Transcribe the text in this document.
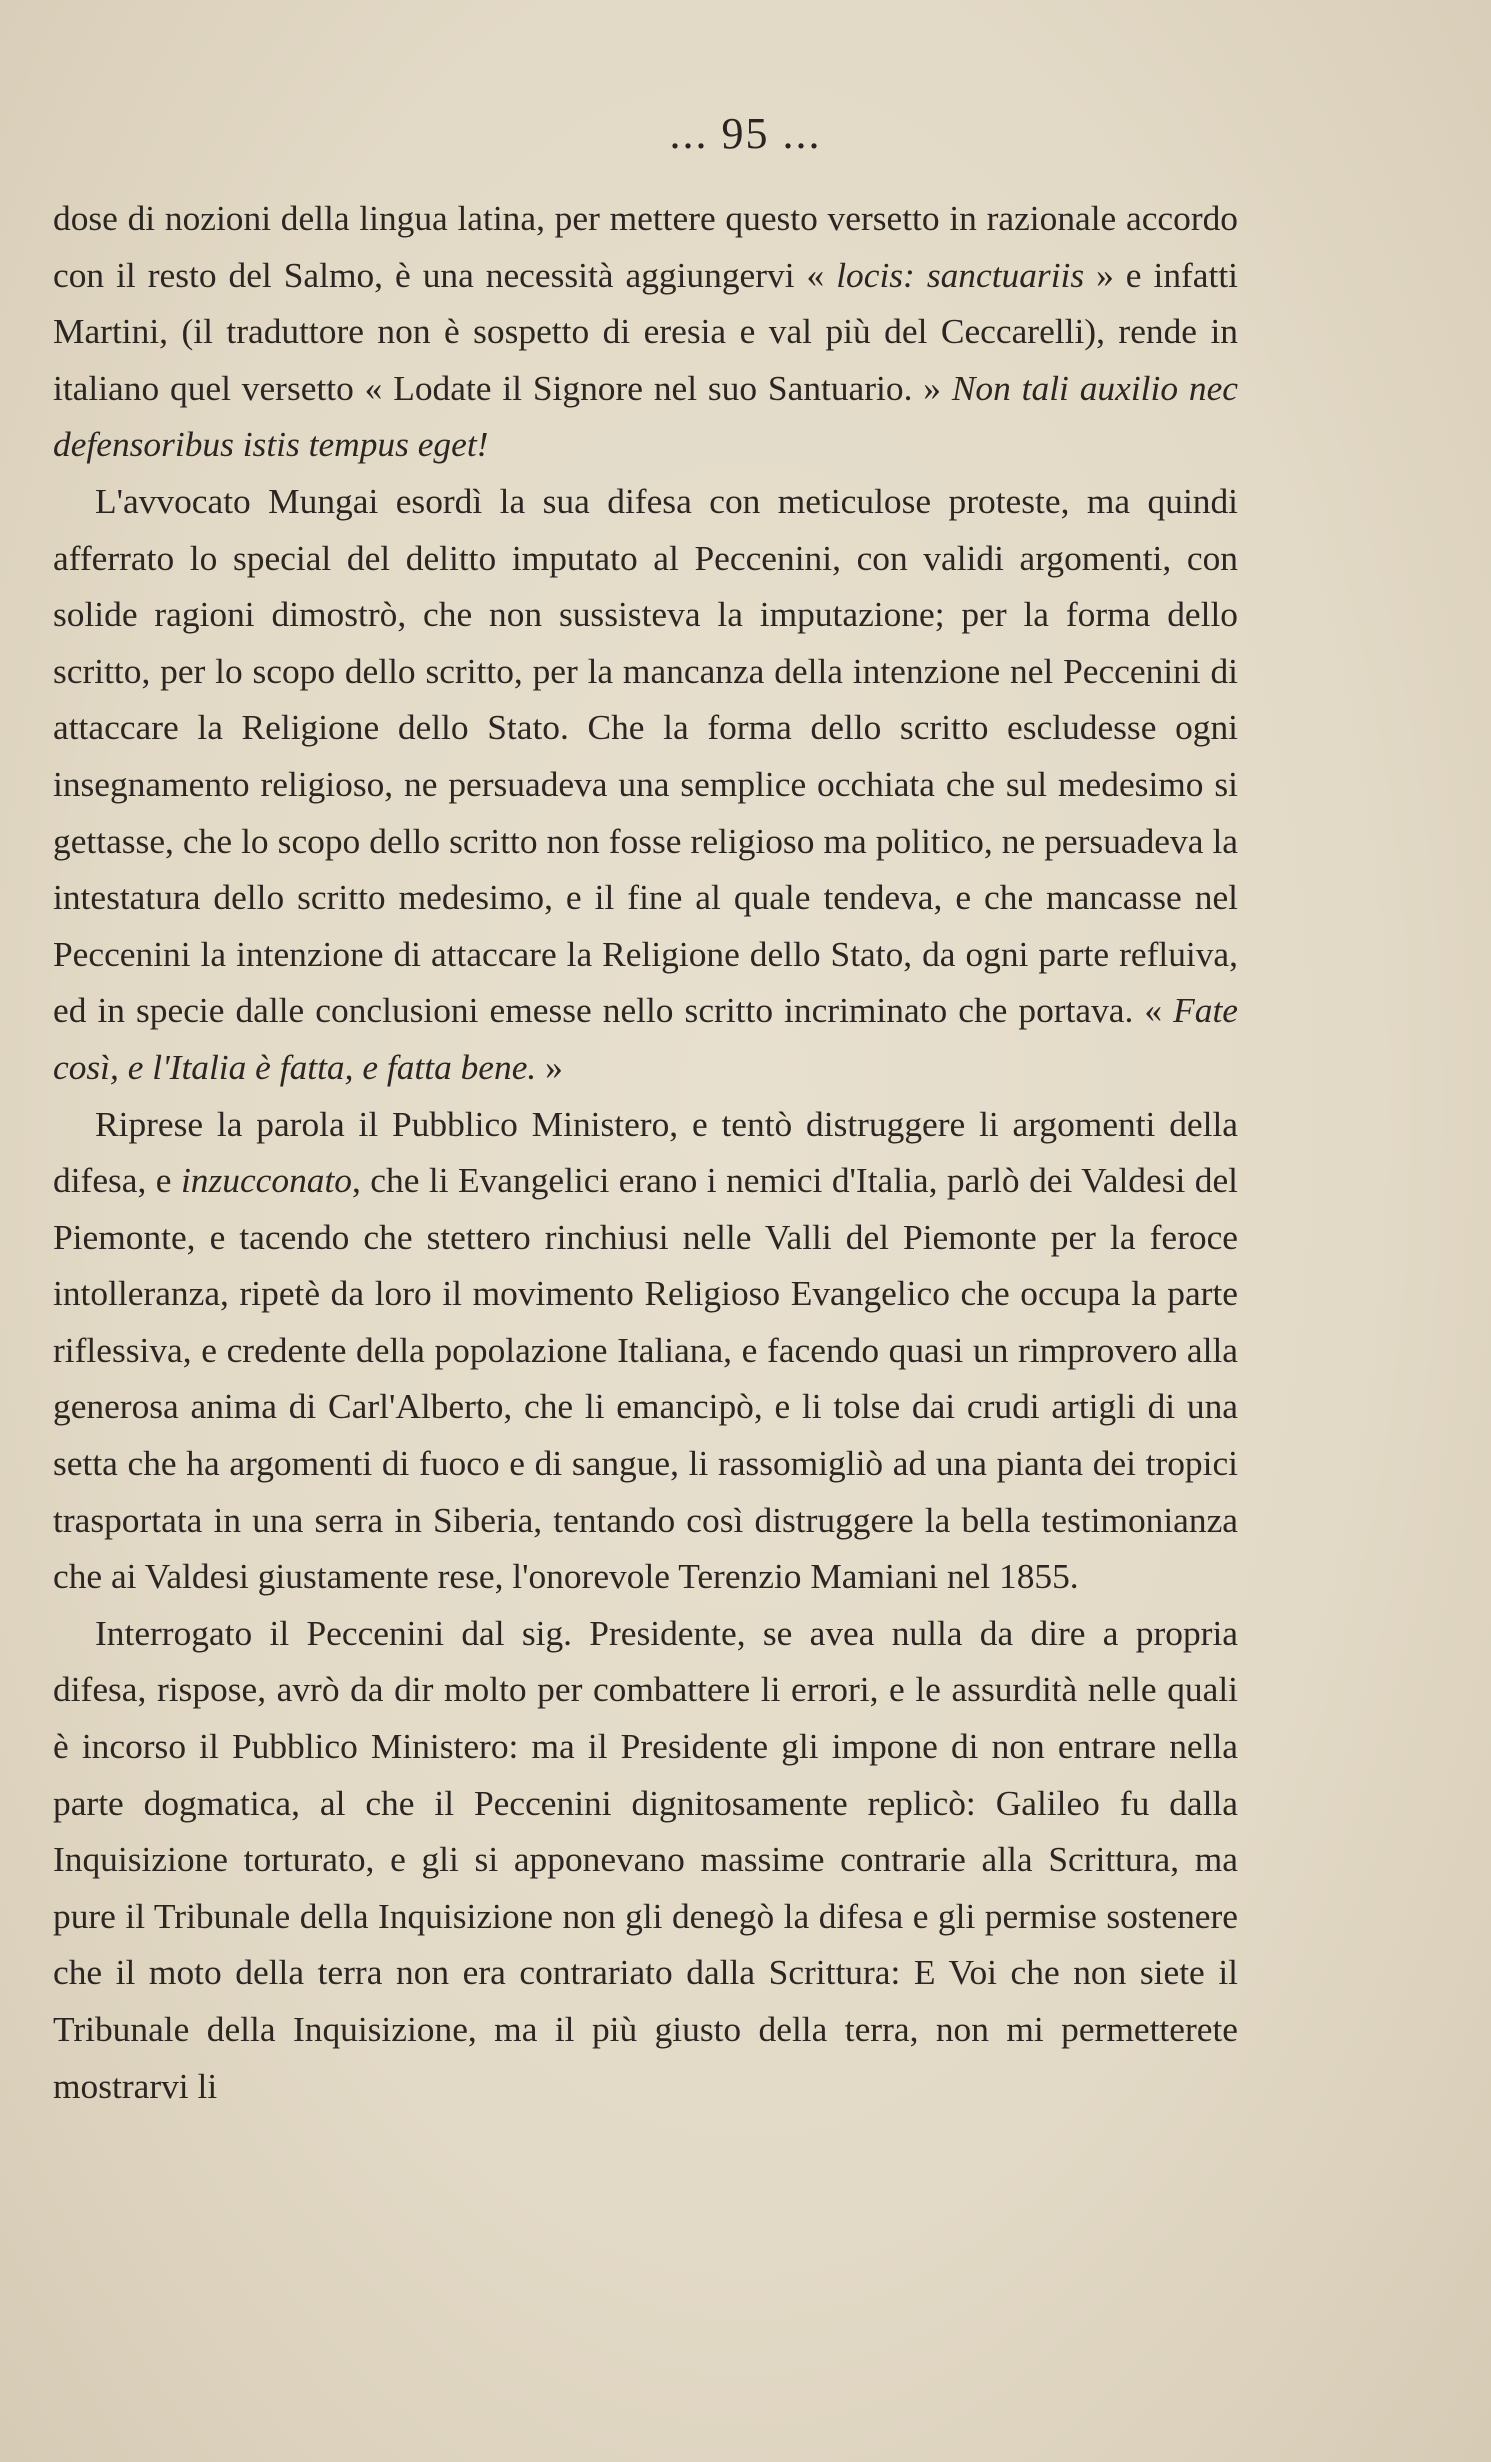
... 95 ...

dose di nozioni della lingua latina, per mettere questo versetto in razionale accordo con il resto del Salmo, è una necessità aggiungervi « locis: sanctuariis » e infatti Martini, (il traduttore non è sospetto di eresia e val più del Ceccarelli), rende in italiano quel versetto « Lodate il Signore nel suo Santuario. » Non tali auxilio nec defensoribus istis tempus eget!

L'avvocato Mungai esordì la sua difesa con meticulose proteste, ma quindi afferrato lo special del delitto imputato al Peccenini, con validi argomenti, con solide ragioni dimostrò, che non sussisteva la imputazione; per la forma dello scritto, per lo scopo dello scritto, per la mancanza della intenzione nel Peccenini di attaccare la Religione dello Stato. Che la forma dello scritto escludesse ogni insegnamento religioso, ne persuadeva una semplice occhiata che sul medesimo si gettasse, che lo scopo dello scritto non fosse religioso ma politico, ne persuadeva la intestatura dello scritto medesimo, e il fine al quale tendeva, e che mancasse nel Peccenini la intenzione di attaccare la Religione dello Stato, da ogni parte refluiva, ed in specie dalle conclusioni emesse nello scritto incriminato che portava. « Fate così, e l'Italia è fatta, e fatta bene. »

Riprese la parola il Pubblico Ministero, e tentò distruggere li argomenti della difesa, e inzucconato, che li Evangelici erano i nemici d'Italia, parlò dei Valdesi del Piemonte, e tacendo che stettero rinchiusi nelle Valli del Piemonte per la feroce intolleranza, ripetè da loro il movimento Religioso Evangelico che occupa la parte riflessiva, e credente della popolazione Italiana, e facendo quasi un rimprovero alla generosa anima di Carl'Alberto, che li emancipò, e li tolse dai crudi artigli di una setta che ha argomenti di fuoco e di sangue, li rassomigliò ad una pianta dei tropici trasportata in una serra in Siberia, tentando così distruggere la bella testimonianza che ai Valdesi giustamente rese, l'onorevole Terenzio Mamiani nel 1855.

Interrogato il Peccenini dal sig. Presidente, se avea nulla da dire a propria difesa, rispose, avrò da dir molto per combattere li errori, e le assurdità nelle quali è incorso il Pubblico Ministero: ma il Presidente gli impone di non entrare nella parte dogmatica, al che il Peccenini dignitosamente replicò: Galileo fu dalla Inquisizione torturato, e gli si apponevano massime contrarie alla Scrittura, ma pure il Tribunale della Inquisizione non gli denegò la difesa e gli permise sostenere che il moto della terra non era contrariato dalla Scrittura: E Voi che non siete il Tribunale della Inquisizione, ma il più giusto della terra, non mi permetterete mostrarvi li
